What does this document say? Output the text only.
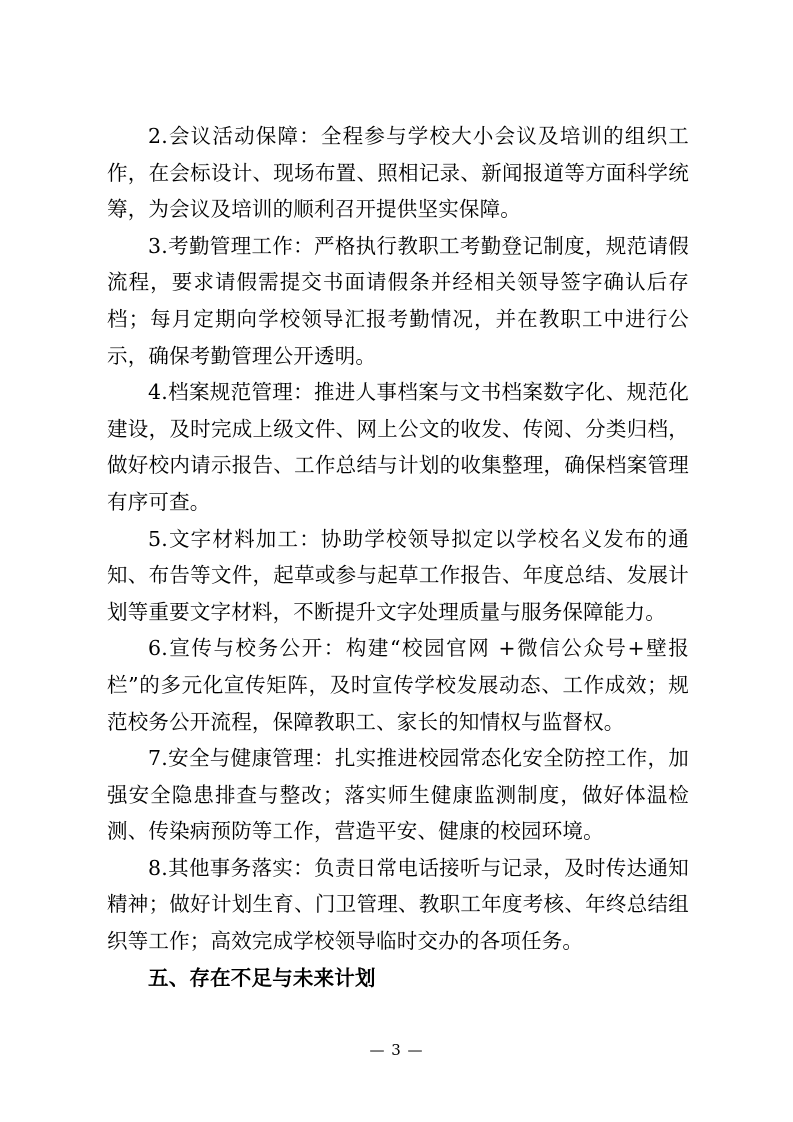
2.会议活动保障：全程参与学校大小会议及培训的组织工作，在会标设计、现场布置、照相记录、新闻报道等方面科学统筹，为会议及培训的顺利召开提供坚实保障。

3.考勤管理工作：严格执行教职工考勤登记制度，规范请假流程，要求请假需提交书面请假条并经相关领导签字确认后存档；每月定期向学校领导汇报考勤情况，并在教职工中进行公示，确保考勤管理公开透明。

4.档案规范管理：推进人事档案与文书档案数字化、规范化建设，及时完成上级文件、网上公文的收发、传阅、分类归档，做好校内请示报告、工作总结与计划的收集整理，确保档案管理有序可查。

5.文字材料加工：协助学校领导拟定以学校名义发布的通知、布告等文件，起草或参与起草工作报告、年度总结、发展计划等重要文字材料，不断提升文字处理质量与服务保障能力。

6.宣传与校务公开：构建“校园官网 +微信公众号+壁报栏”的多元化宣传矩阵，及时宣传学校发展动态、工作成效；规范校务公开流程，保障教职工、家长的知情权与监督权。

7.安全与健康管理：扎实推进校园常态化安全防控工作，加强安全隐患排查与整改；落实师生健康监测制度，做好体温检测、传染病预防等工作，营造平安、健康的校园环境。

8.其他事务落实：负责日常电话接听与记录，及时传达通知精神；做好计划生育、门卫管理、教职工年度考核、年终总结组织等工作；高效完成学校领导临时交办的各项任务。

五、存在不足与未来计划
— 3 —
